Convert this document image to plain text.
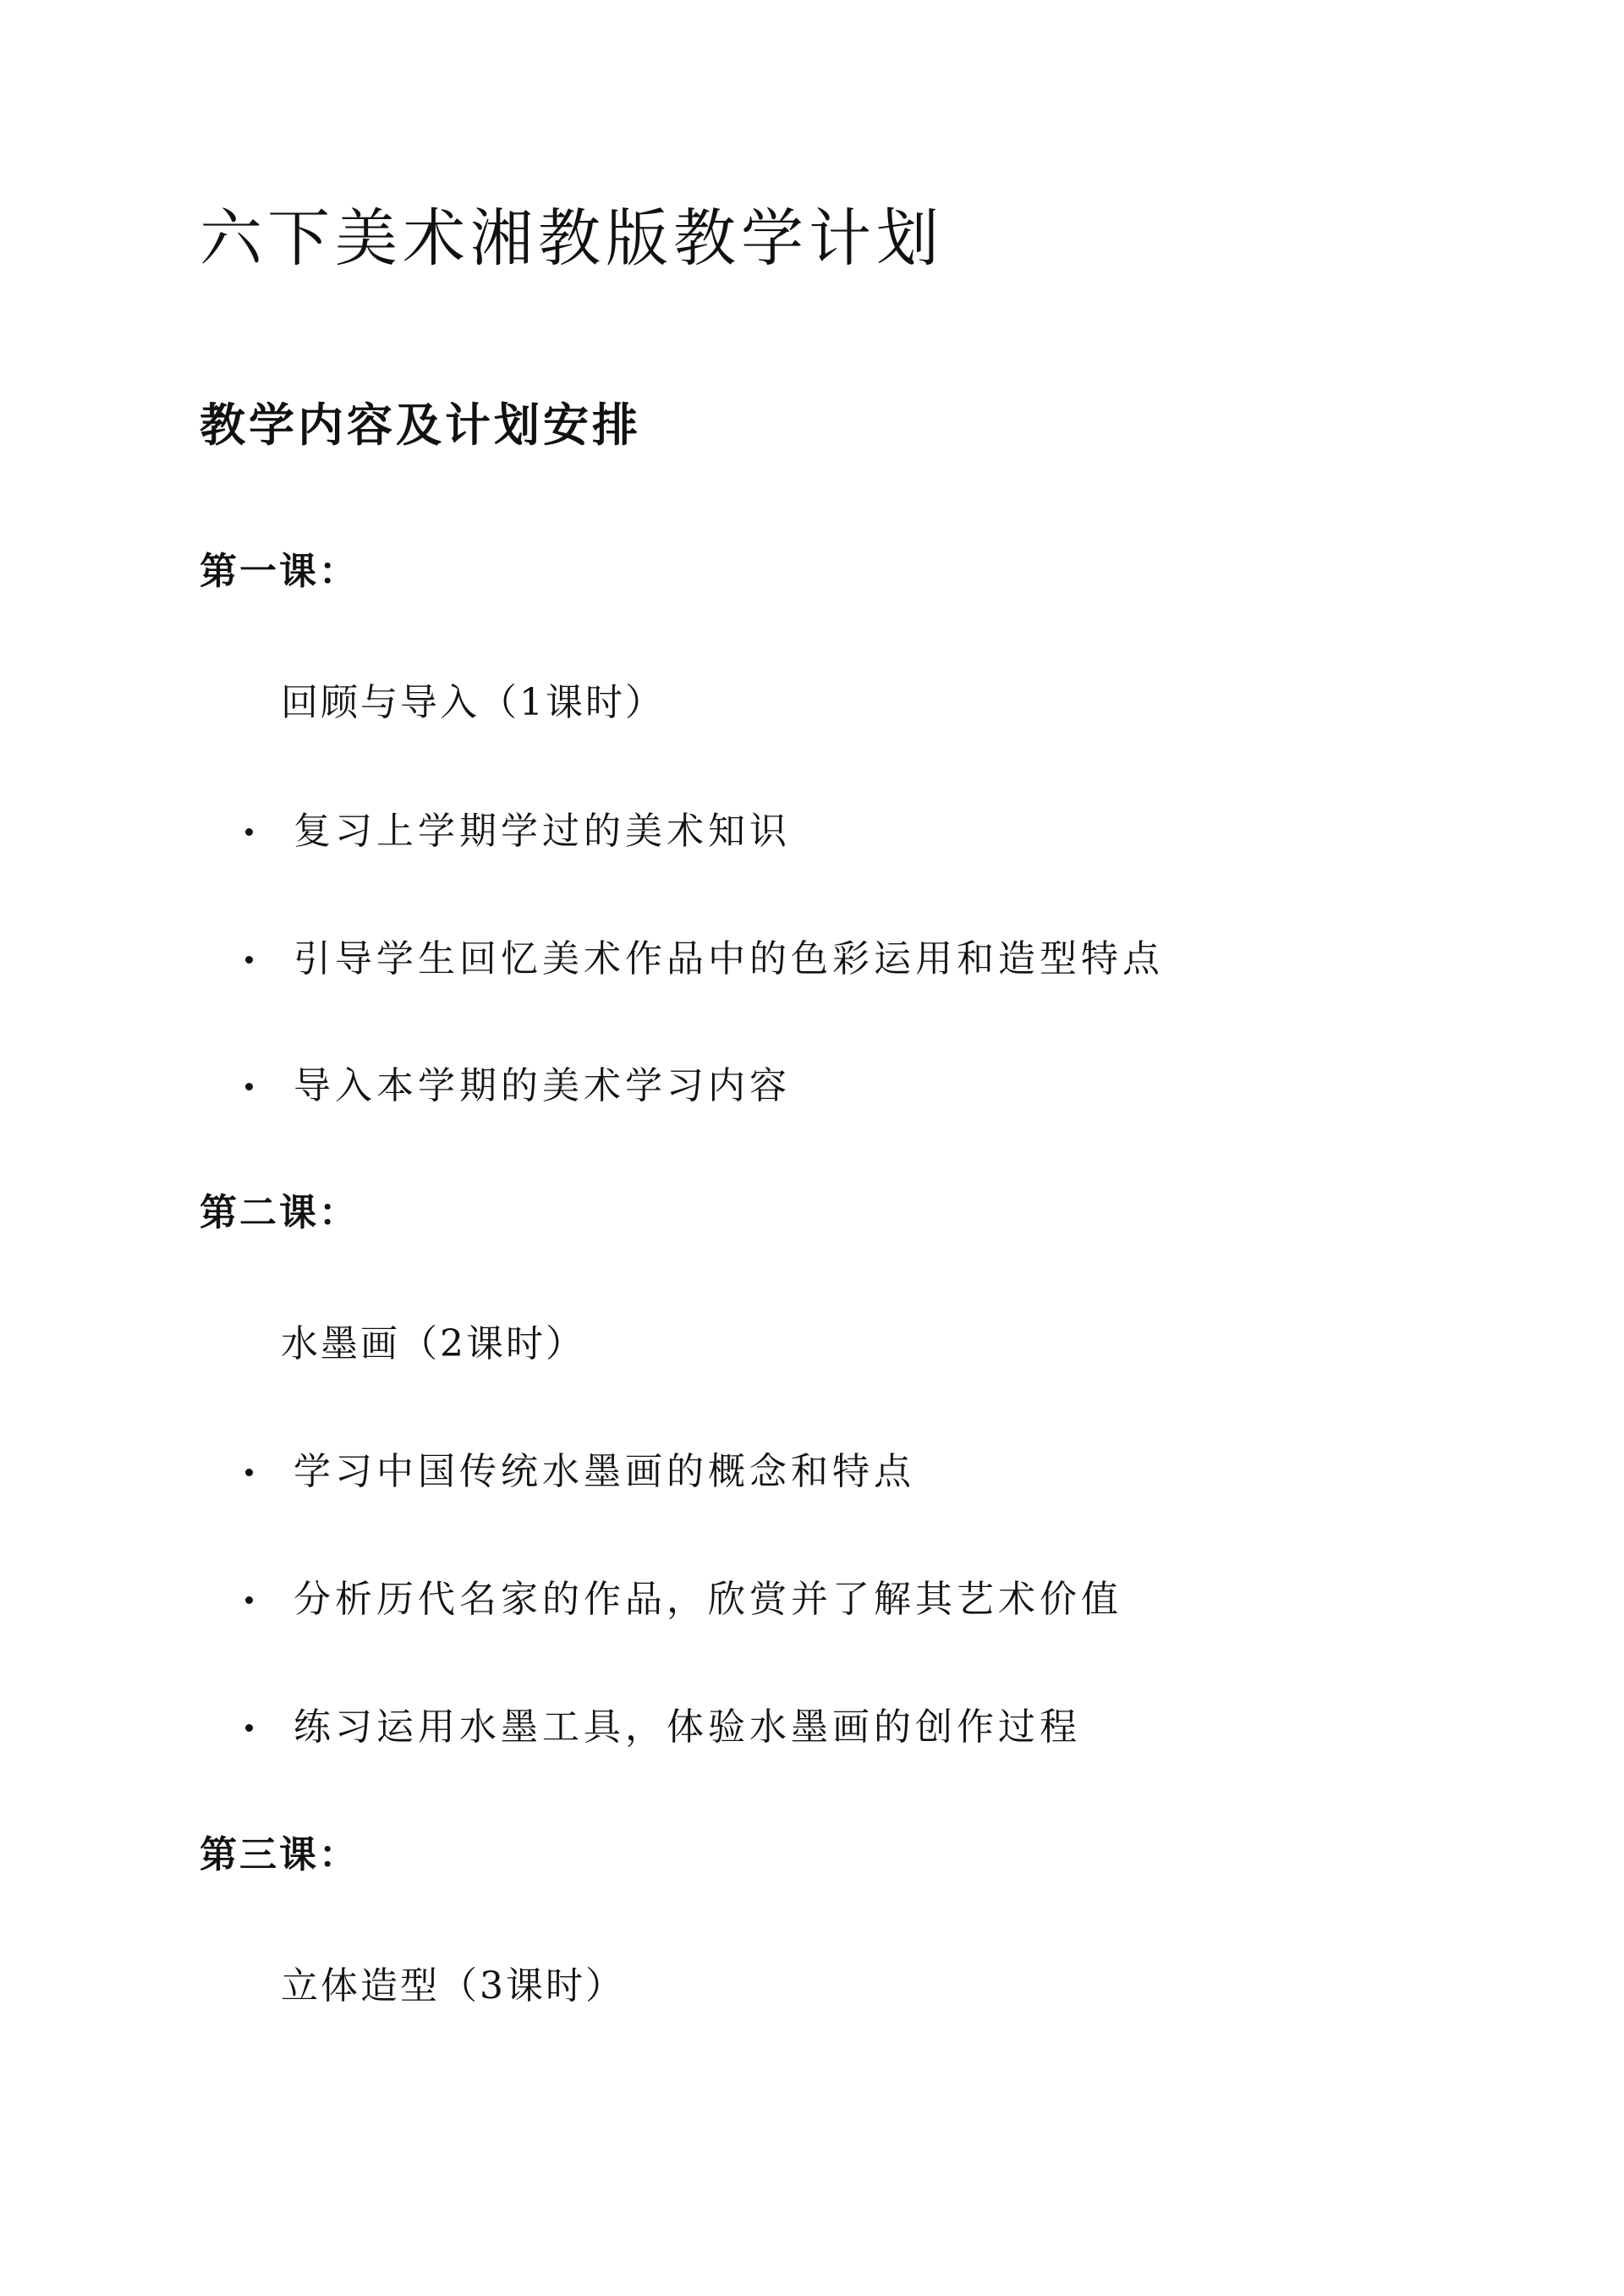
六下美术湘教版教学计划
教学内容及计划安排
第一课：
回顾与导入（1课时）
复习上学期学过的美术知识
引导学生回忆美术作品中的色彩运用和造型特点
导入本学期的美术学习内容
第二课：
水墨画（2课时）
学习中国传统水墨画的概念和特点
分析历代名家的作品，欣赏并了解其艺术价值
练习运用水墨工具，体验水墨画的创作过程
第三课：
立体造型（3课时）
